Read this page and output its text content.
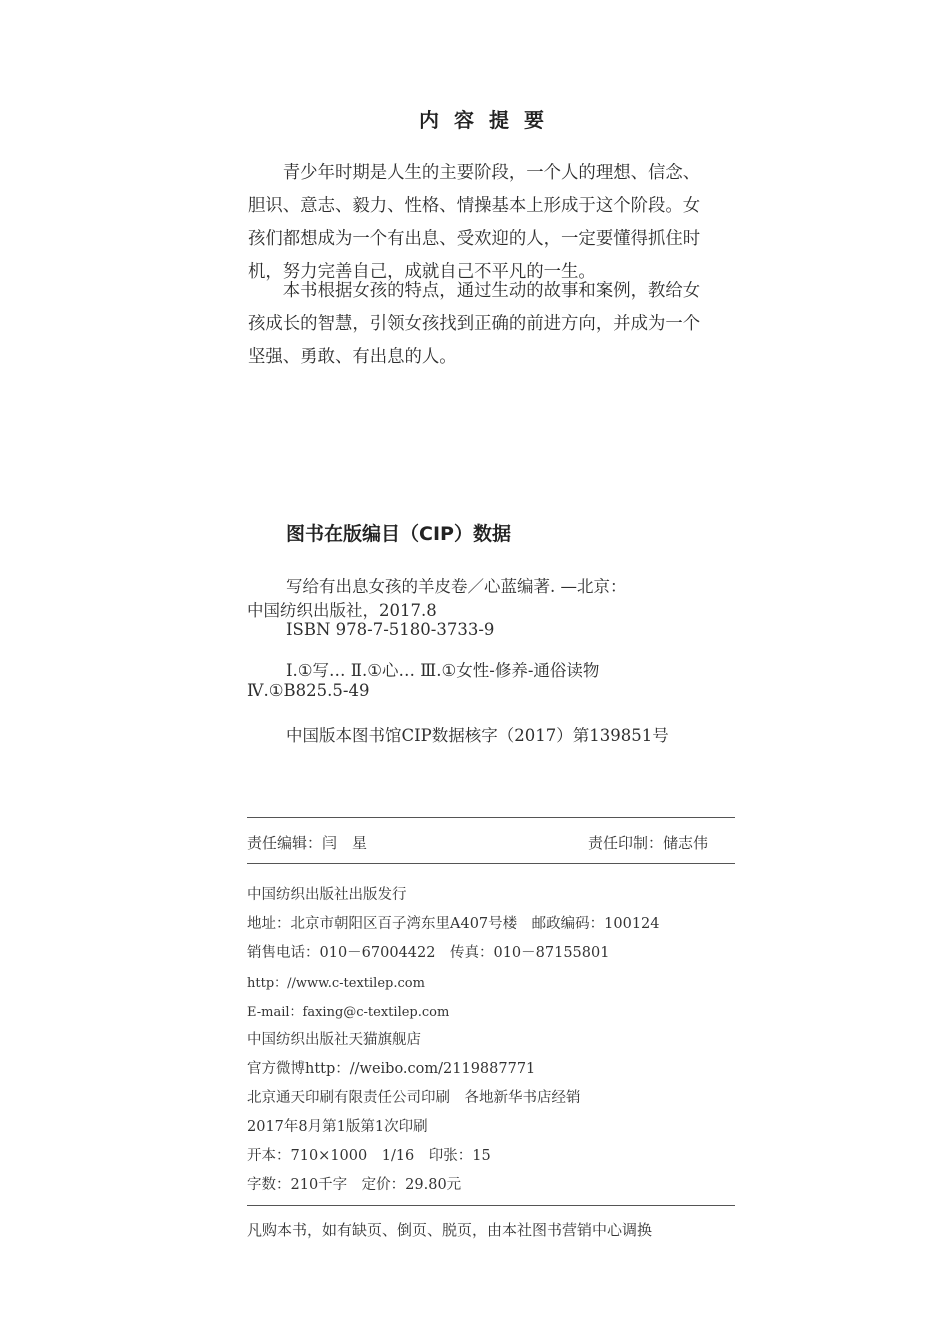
内容提要
　　青少年时期是人生的主要阶段，一个人的理想、信念、
胆识、意志、毅力、性格、情操基本上形成于这个阶段。女
孩们都想成为一个有出息、受欢迎的人，一定要懂得抓住时
机，努力完善自己，成就自己不平凡的一生。
　　本书根据女孩的特点，通过生动的故事和案例，教给女
孩成长的智慧，引领女孩找到正确的前进方向，并成为一个
坚强、勇敢、有出息的人。
图书在版编目（CIP）数据
写给有出息女孩的羊皮卷／心蓝编著. —北京：
中国纺织出版社，2017.8
ISBN 978-7-5180-3733-9
Ⅰ.①写… Ⅱ.①心… Ⅲ.①女性-修养-通俗读物
Ⅳ.①B825.5-49
中国版本图书馆CIP数据核字（2017）第139851号
责任编辑：闫　星	责任印制：储志伟
中国纺织出版社出版发行
地址：北京市朝阳区百子湾东里A407号楼　邮政编码：100124
销售电话：010－67004422　传真：010－87155801
http：//www.c-textilep.com
E-mail：faxing@c-textilep.com
中国纺织出版社天猫旗舰店
官方微博http：//weibo.com/2119887771
北京通天印刷有限责任公司印刷　各地新华书店经销
2017年8月第1版第1次印刷
开本：710×1000　1/16　印张：15
字数：210千字　定价：29.80元
凡购本书，如有缺页、倒页、脱页，由本社图书营销中心调换
